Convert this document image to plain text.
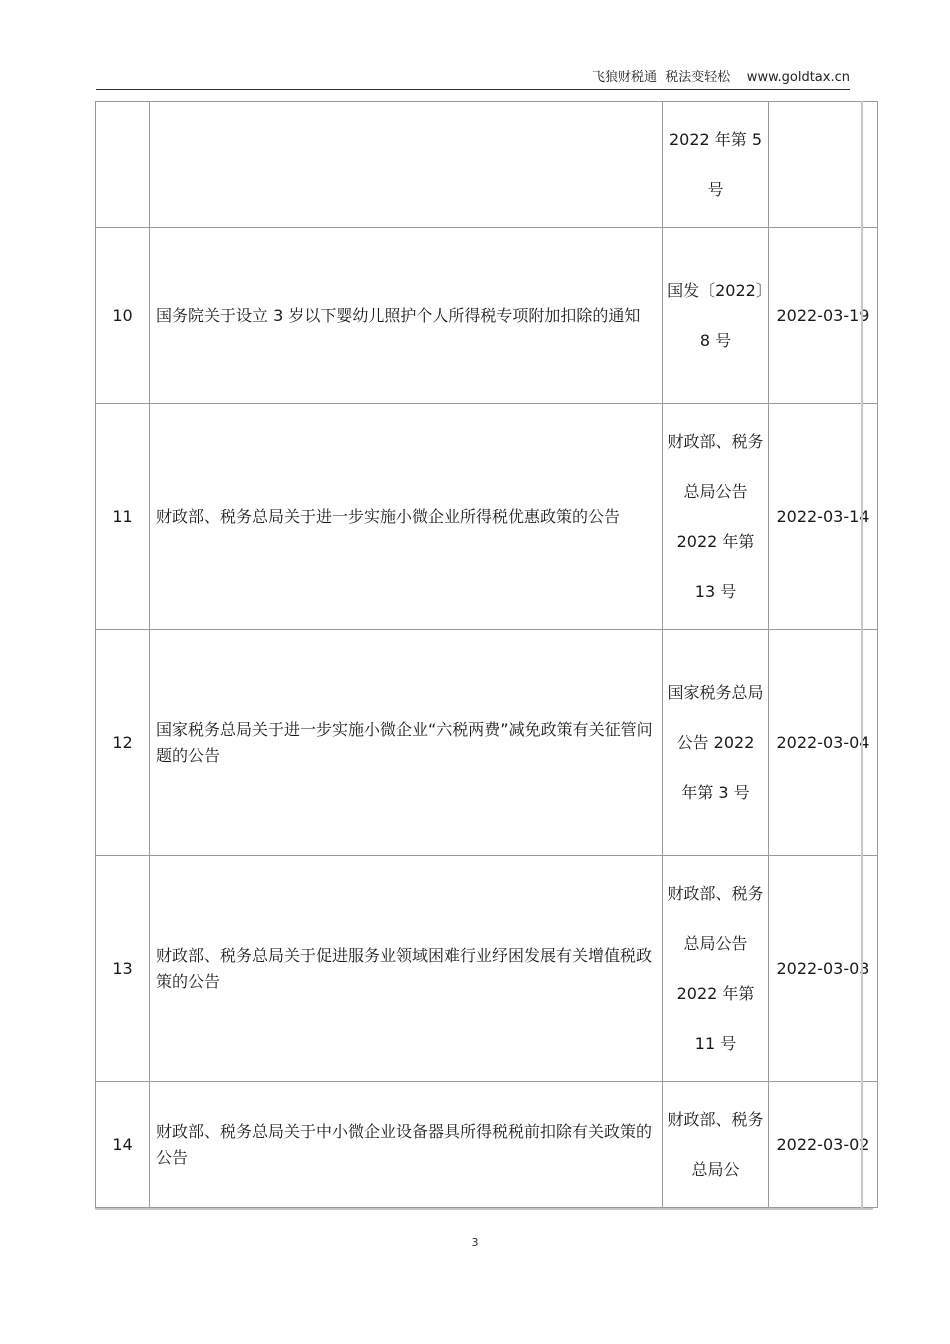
飞狼财税通  税法变轻松    www.goldtax.cn
		2022 年第 5 号	
10	国务院关于设立 3 岁以下婴幼儿照护个人所得税专项附加扣除的通知	国发〔2022〕8 号	2022-03-19
11	财政部、税务总局关于进一步实施小微企业所得税优惠政策的公告	财政部、税务总局公告 2022 年第 13 号	2022-03-14
12	国家税务总局关于进一步实施小微企业“六税两费”减免政策有关征管问题的公告	国家税务总局公告 2022 年第 3 号	2022-03-04
13	财政部、税务总局关于促进服务业领域困难行业纾困发展有关增值税政策的公告	财政部、税务总局公告 2022 年第 11 号	2022-03-03
14	财政部、税务总局关于中小微企业设备器具所得税税前扣除有关政策的公告	财政部、税务总局公	2022-03-02
3
